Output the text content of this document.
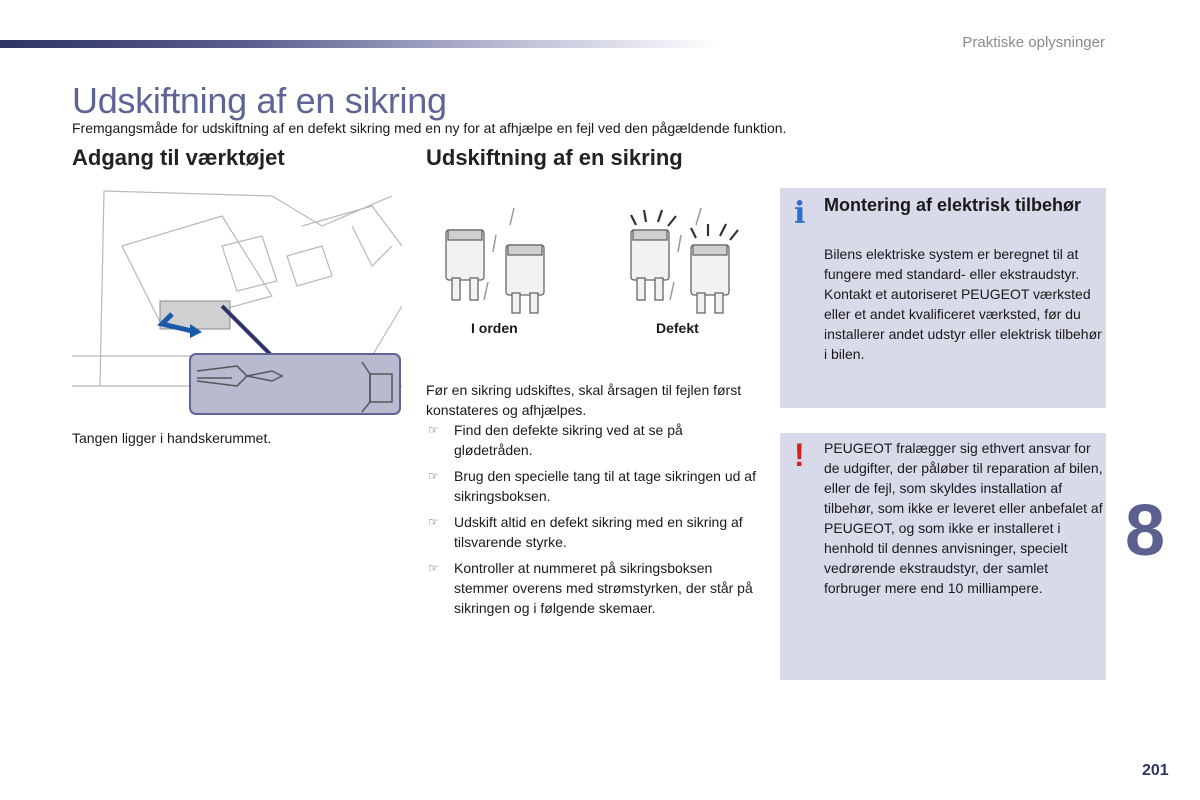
Praktiske oplysninger
Udskiftning af en sikring
Fremgangsmåde for udskiftning af en defekt sikring med en ny for at afhjælpe en fejl ved den pågældende funktion.
Adgang til værktøjet
Tangen ligger i handskerummet.
Udskiftning af en sikring
I orden	Defekt

Før en sikring udskiftes, skal årsagen til fejlen først konstateres og afhjælpes.

☞ Find den defekte sikring ved at se på glødetråden.
☞ Brug den specielle tang til at tage sikringen ud af sikringsboksen.
☞ Udskift altid en defekt sikring med en sikring af tilsvarende styrke.
☞ Kontroller at nummeret på sikringsboksen stemmer overens med strømstyrken, der står på sikringen og i følgende skemaer.
i Montering af elektrisk tilbehør

Bilens elektriske system er beregnet til at fungere med standard- eller ekstraudstyr.

Kontakt et autoriseret PEUGEOT værksted eller et andet kvalificeret værksted, før du installerer andet udstyr eller elektrisk tilbehør i bilen.

! PEUGEOT fralægger sig ethvert ansvar for de udgifter, der påløber til reparation af bilen, eller de fejl, som skyldes installation af tilbehør, som ikke er leveret eller anbefalet af PEUGEOT, og som ikke er installeret i henhold til dennes anvisninger, specielt vedrørende ekstraudstyr, der samlet forbruger mere end 10 milliampere.

8
201
